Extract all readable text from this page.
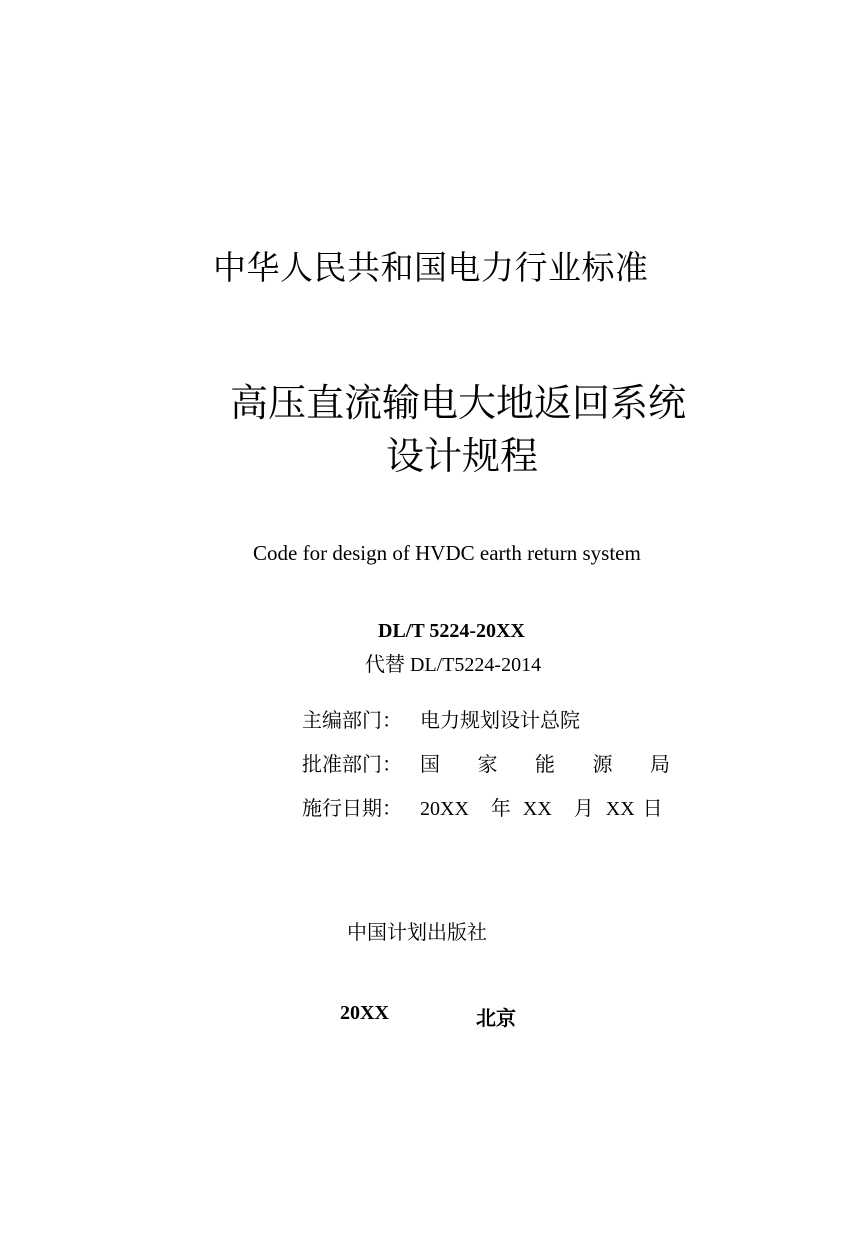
中华人民共和国电力行业标准
高压直流输电大地返回系统
设计规程
Code for design of HVDC earth return system
DL/T 5224-20XX
代替 DL/T5224-2014
主编部门： 电力规划设计总院
批准部门： 国 家 能 源 局
施行日期： 20XX 年 XX 月 XX 日
中国计划出版社
20XX	北京
